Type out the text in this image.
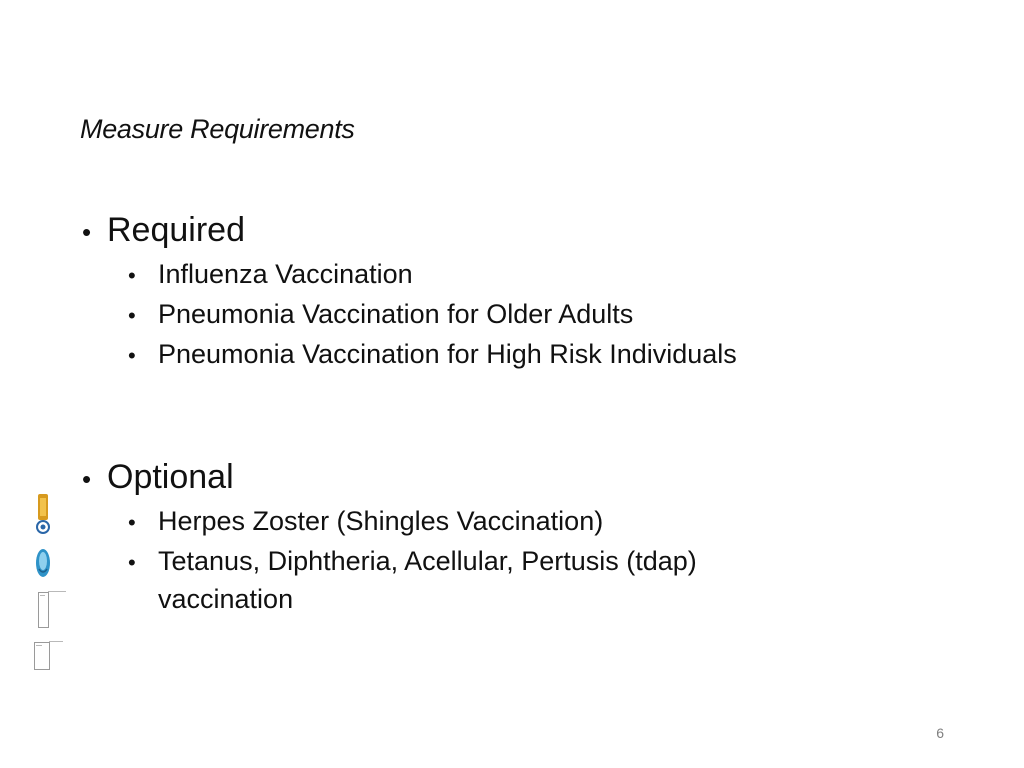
Measure Requirements
• Required
• Influenza Vaccination
• Pneumonia Vaccination for Older Adults
• Pneumonia Vaccination for High Risk Individuals
• Optional
• Herpes Zoster (Shingles Vaccination)
• Tetanus, Diphtheria, Acellular, Pertusis (tdap) vaccination
6
